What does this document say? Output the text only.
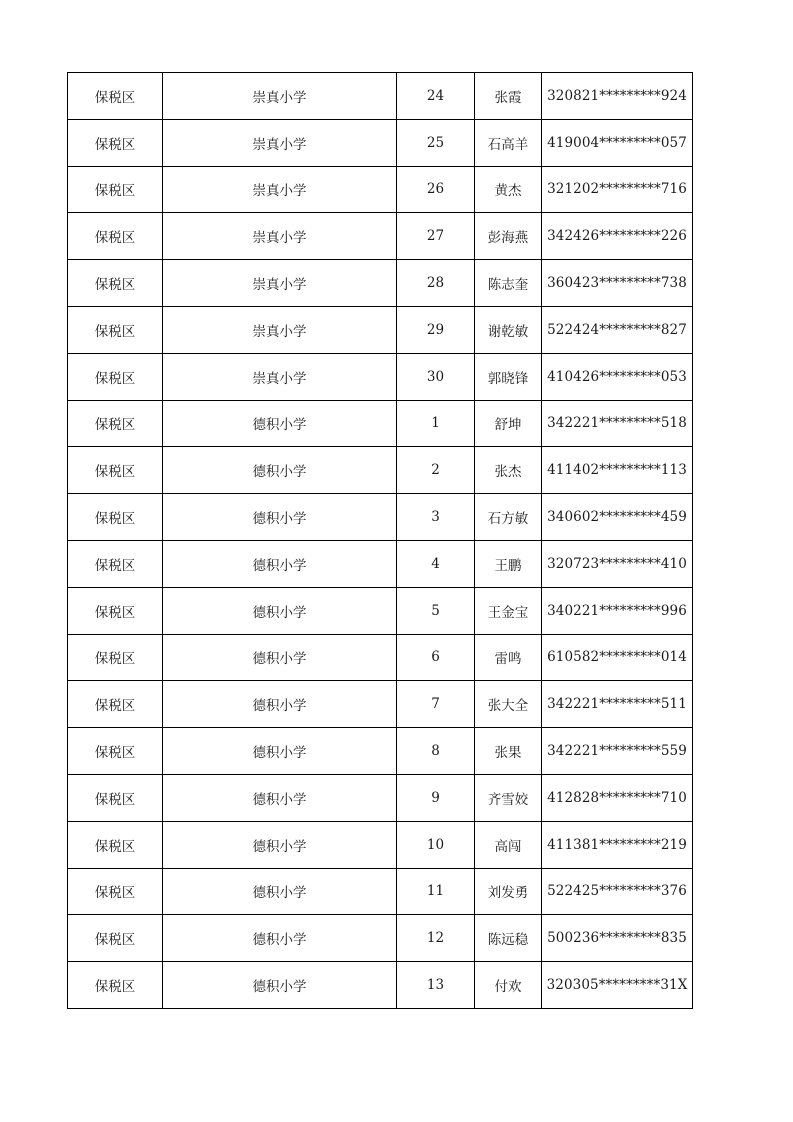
保税区	崇真小学	24	张霞	320821*********924
保税区	崇真小学	25	石高羊	419004*********057
保税区	崇真小学	26	黄杰	321202*********716
保税区	崇真小学	27	彭海燕	342426*********226
保税区	崇真小学	28	陈志奎	360423*********738
保税区	崇真小学	29	谢乾敏	522424*********827
保税区	崇真小学	30	郭晓锋	410426*********053
保税区	德积小学	1	舒坤	342221*********518
保税区	德积小学	2	张杰	411402*********113
保税区	德积小学	3	石方敏	340602*********459
保税区	德积小学	4	王鹏	320723*********410
保税区	德积小学	5	王金宝	340221*********996
保税区	德积小学	6	雷鸣	610582*********014
保税区	德积小学	7	张大全	342221*********511
保税区	德积小学	8	张果	342221*********559
保税区	德积小学	9	齐雪姣	412828*********710
保税区	德积小学	10	高闯	411381*********219
保税区	德积小学	11	刘发勇	522425*********376
保税区	德积小学	12	陈远稳	500236*********835
保税区	德积小学	13	付欢	320305*********31X
